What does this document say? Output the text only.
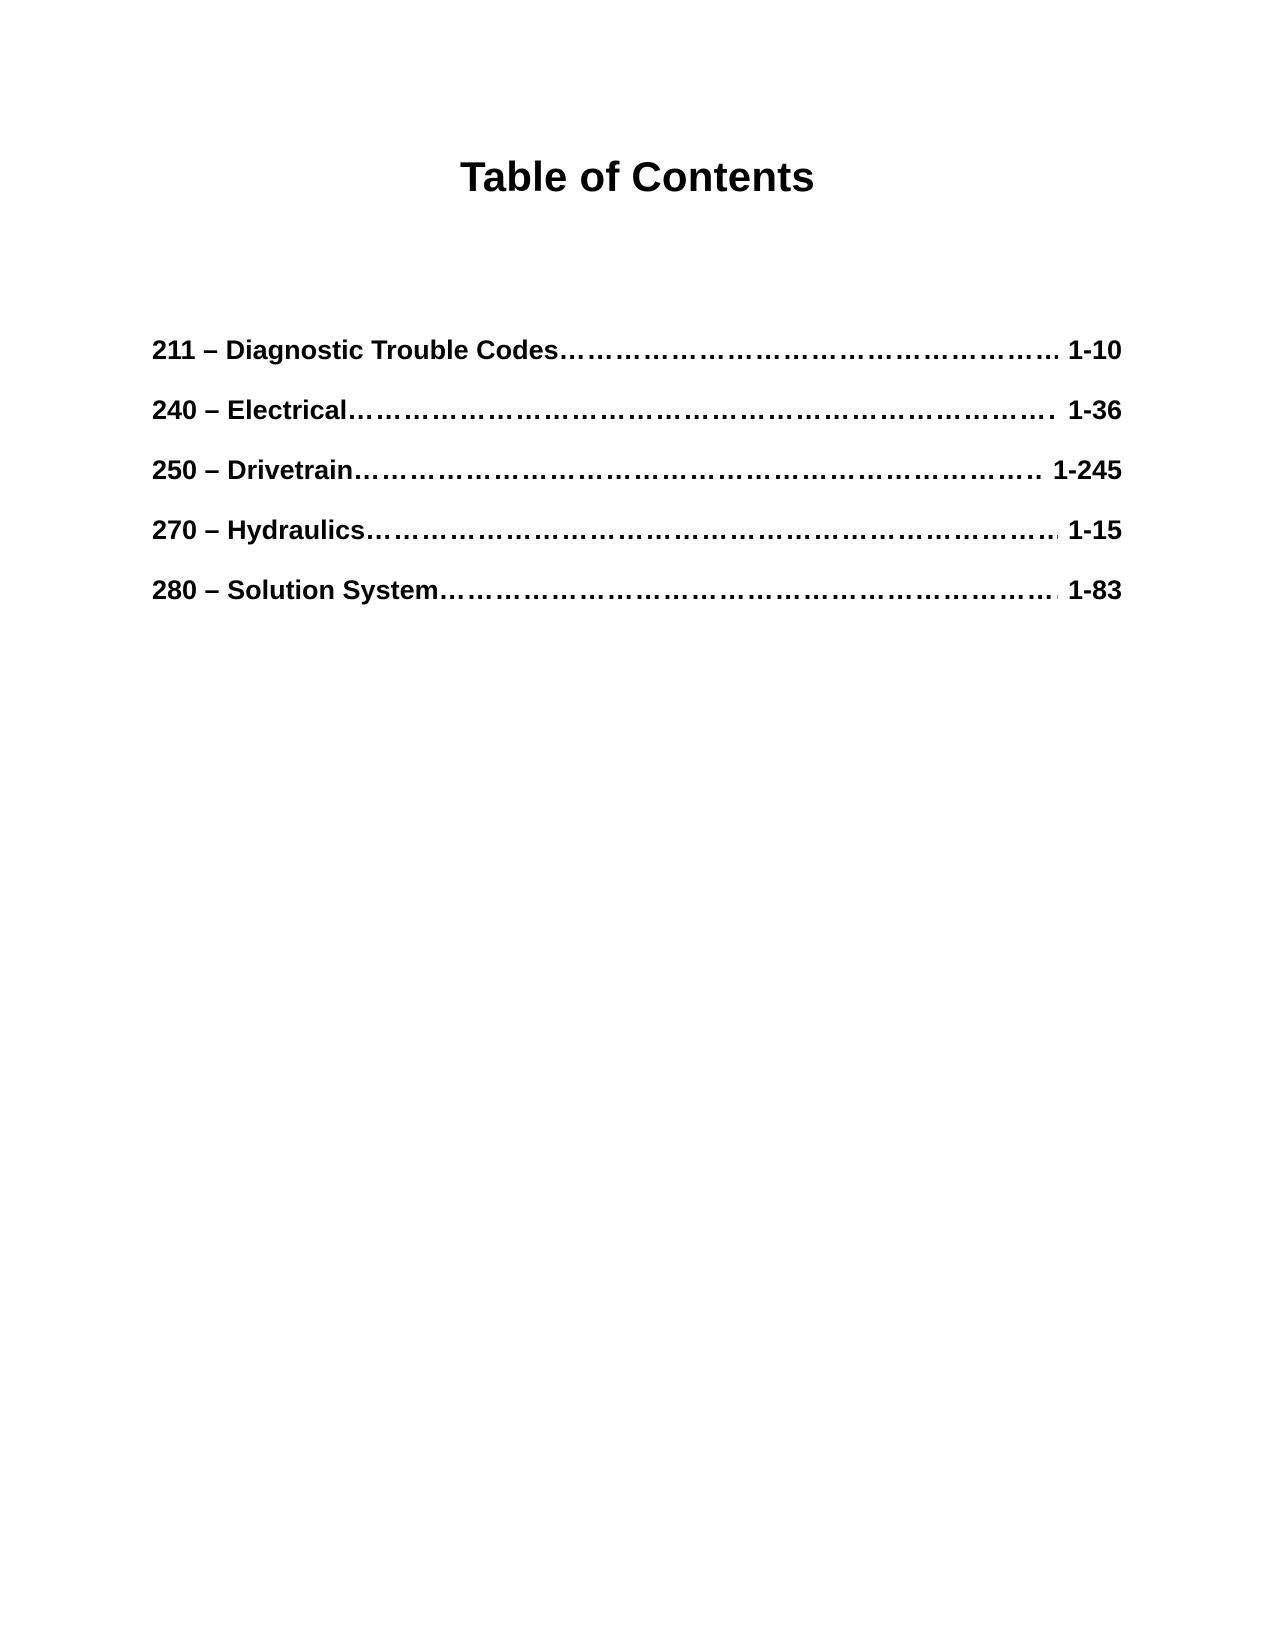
Table of Contents
211 – Diagnostic Trouble Codes …………………………………………………………………………………………………………………………………………………………………………………………………………………	1-10
240 – Electrical …………………………………………………………………………………………………………………………………………………………………………………………………………………	1-36
250 – Drivetrain …………………………………………………………………………………………………………………………………………………………………………………………………………………	1-245
270 – Hydraulics …………………………………………………………………………………………………………………………………………………………………………………………………………………	1-15
280 – Solution System …………………………………………………………………………………………………………………………………………………………………………………………………………………	1-83
